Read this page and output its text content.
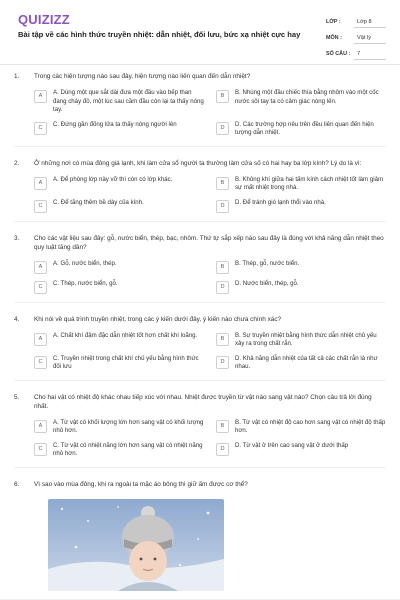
QUIZIZZ
Bài tập về các hình thức truyền nhiệt: dẫn nhiệt, đối lưu, bức xạ nhiệt cực hay
LỚP :	Lớp 8
MÔN :	Vật lý
SỐ CÂU :	7
1.	Trong các hiện tượng nào sau đây, hiện tượng nào liên quan đến dẫn nhiệt?
A	A. Dùng một que sắt dài đưa một đầu vào bếp than đang cháy đỏ, một lúc sau cầm đầu còn lại ta thấy nóng tay.
B	B. Nhúng một đầu chiếc thìa bằng nhôm vào một cốc nước sôi tay ta có cảm giác nóng lên.
C	C. Đứng gần đống lửa ta thấy nóng người lên	D	D. Các trường hợp nêu trên đều liên quan đến hiện tượng dẫn nhiệt.
2.	Ở những nơi có mùa đông giá lạnh, khi làm cửa sổ người ta thường làm cửa số có hai hay ba lớp kính? Lý do là vì:
A	A. Để phòng lớp này vỡ thì còn có lớp khác.	B	B. Không khí giữa hai tấm kính cách nhiệt tốt làm giảm sự mất nhiệt trong nhà.
C	C. Để tăng thêm bề dày của kính.	D	D. Để tránh gió lạnh thổi vào nhà.
3.	Cho các vật liệu sau đây: gỗ, nước biển, thép, bạc, nhôm. Thứ tự sắp xếp nào sau đây là đúng với khả năng dẫn nhiệt theo quy luật tăng dần?
A	A. Gỗ, nước biển, thép.	B	B. Thép, gỗ, nước biển.
C	C. Thép, nước biển, gỗ.	D	D. Nước biển, thép, gỗ.
4.	Khi nói về quá trình truyền nhiệt, trong các ý kiến dưới đây, ý kiến nào chưa chính xác?
A	A. Chất khí đậm đặc dẫn nhiệt tốt hơn chất khí loãng.	B	B. Sự truyền nhiệt bằng hình thức dẫn nhiệt chủ yếu xảy ra trong chất rắn.
C	C. Truyền nhiệt trong chất khí chủ yếu bằng hình thức đối lưu
D	D. Khả năng dẫn nhiệt của tất cả các chất rắn là như nhau.
5.	Cho hai vật có nhiệt độ khác nhau tiếp xúc với nhau. Nhiệt được truyền từ vật nào sang vật nào? Chọn câu trả lời đúng nhất.
A	A. Từ vật có khối lượng lớn hơn sang vật có khối lượng nhỏ hơn.
B	B. Từ vật có nhiệt độ cao hơn sang vật có nhiệt độ thấp hơn.
C	C. Từ vật có nhiệt năng lớn hơn sang vật có nhiệt năng nhỏ hơn.
D	D. Từ vật ở trên cao sang vật ở dưới thấp
6.	Vì sao vào mùa đông, khi ra ngoài ta mặc áo bông thì giữ ấm được cơ thể?
